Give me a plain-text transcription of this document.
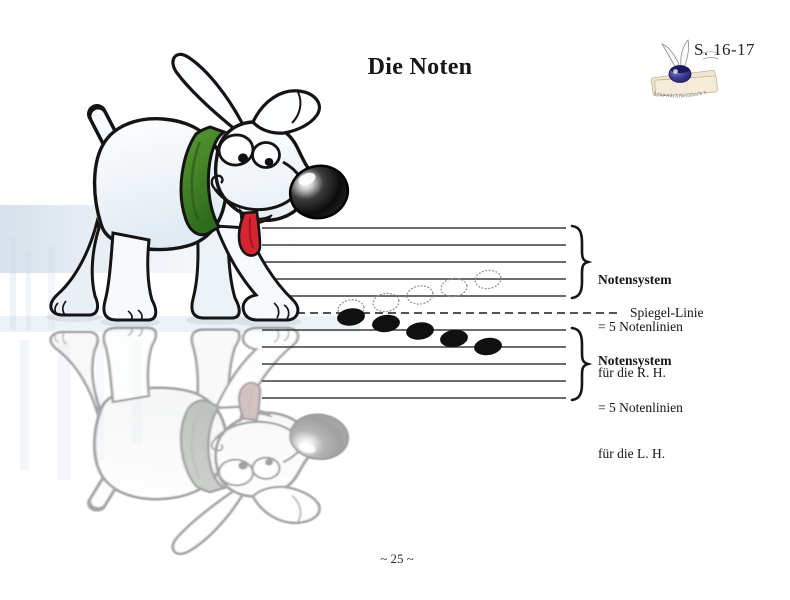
LeopoldsArbeitsbuch 1
Die Noten
S. 16-17

Notensystem

= 5 Notenlinien

für die R. H.

Spiegel-Linie

Notensystem

= 5 Notenlinien

für die L. H.

~ 25 ~
